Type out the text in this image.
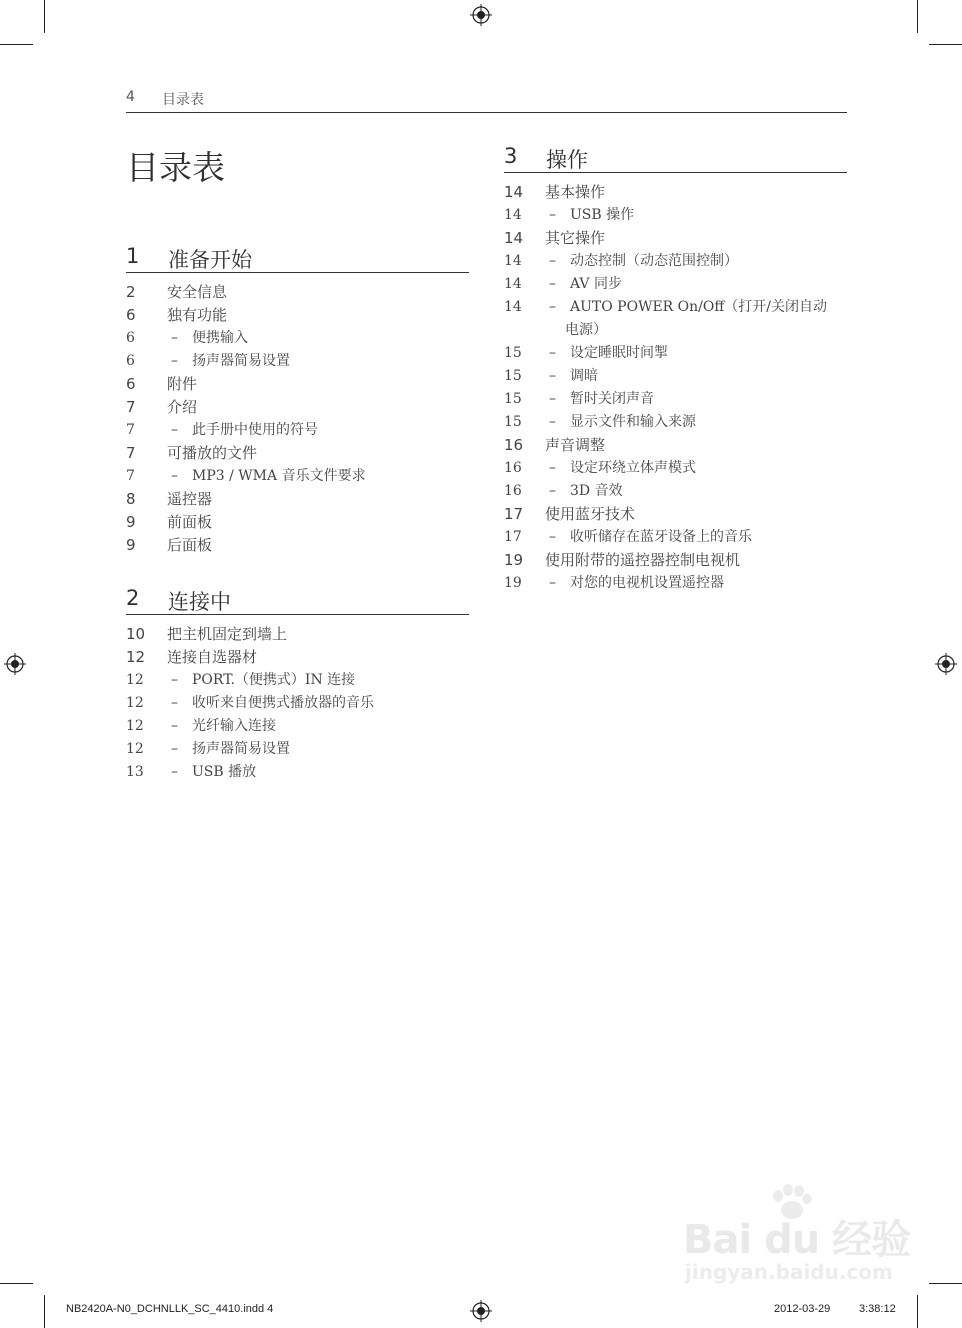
4 目录表
目录表
1 准备开始
2	安全信息
6	独有功能
6	–	便携输入
6	–	扬声器简易设置
6	附件
7	介绍
7	–	此手册中使用的符号
7	可播放的文件
7	–	MP3 / WMA 音乐文件要求
8	遥控器
9	前面板
9	后面板
2 连接中
10	把主机固定到墙上
12	连接自选器材
12 –	PORT.（便携式）IN 连接
12 –	收听来自便携式播放器的音乐
12 –	光纤输入连接
12 –	扬声器简易设置
13 –	USB 播放
3 操作
14	基本操作
14 –	USB 操作
14	其它操作
14 –	动态控制（动态范围控制）
14 –	AV 同步
14 –	AUTO POWER On/Off（打开/关闭自动
电源）
15 –	设定睡眠时间掣
15 –	调暗
15 –	暂时关闭声音
15 –	显示文件和输入来源
16	声音调整
16 –	设定环绕立体声模式
16 –	3D 音效
17	使用蓝牙技术
17 –	收听储存在蓝牙设备上的音乐
19	使用附带的遥控器控制电视机
19 –	对您的电视机设置遥控器
NB2420A-N0_DCHNLLK_SC_4410.indd 4	2012-03-29	3:38:12
Bai du 经验
jingyan.baidu.com
